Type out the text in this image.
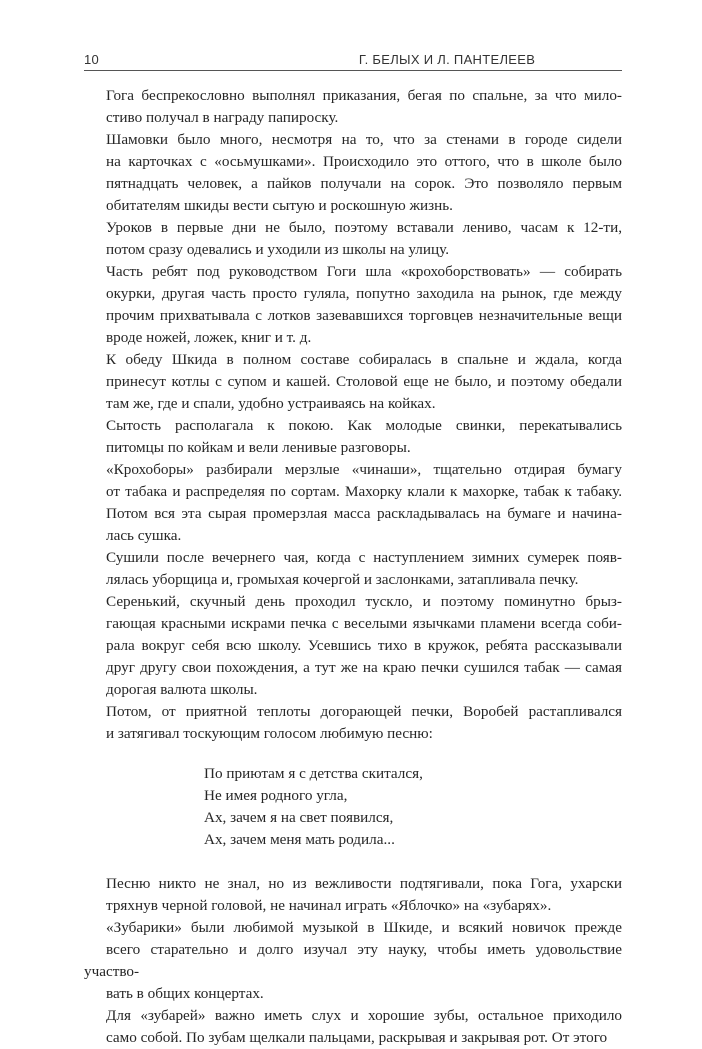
10	Г. БЕЛЫХ И Л. ПАНТЕЛЕЕВ

Гога беспрекословно выполнял приказания, бегая по спальне, за что мило-
стиво получал в награду папироску.

Шамовки было много, несмотря на то, что за стенами в городе сидели
на карточках с «осьмушками». Происходило это оттого, что в школе было
пятнадцать человек, а пайков получали на сорок. Это позволяло первым
обитателям шкиды вести сытую и роскошную жизнь.

Уроков в первые дни не было, поэтому вставали лениво, часам к 12-ти,
потом сразу одевались и уходили из школы на улицу.

Часть ребят под руководством Гоги шла «крохоборствовать» — собирать
окурки, другая часть просто гуляла, попутно заходила на рынок, где между
прочим прихватывала с лотков зазевавшихся торговцев незначительные вещи
вроде ножей, ложек, книг и т. д.

К обеду Шкида в полном составе собиралась в спальне и ждала, когда
принесут котлы с супом и кашей. Столовой еще не было, и поэтому обедали
там же, где и спали, удобно устраиваясь на койках.

Сытость располагала к покою. Как молодые свинки, перекатывались
питомцы по койкам и вели ленивые разговоры.

«Крохоборы» разбирали мерзлые «чинаши», тщательно отдирая бумагу
от табака и распределяя по сортам. Махорку клали к махорке, табак к табаку.
Потом вся эта сырая промерзлая масса раскладывалась на бумаге и начина-
лась сушка.

Сушили после вечернего чая, когда с наступлением зимних сумерек появ-
лялась уборщица и, громыхая кочергой и заслонками, затапливала печку.

Серенький, скучный день проходил тускло, и поэтому поминутно брыз-
гающая красными искрами печка с веселыми язычками пламени всегда соби-
рала вокруг себя всю школу. Усевшись тихо в кружок, ребята рассказывали
друг другу свои похождения, а тут же на краю печки сушился табак — самая
дорогая валюта школы.

Потом, от приятной теплоты догорающей печки, Воробей растапливался
и затягивал тоскующим голосом любимую песню:

По приютам я с детства скитался,
Не имея родного угла,
Ах, зачем я на свет появился,
Ах, зачем меня мать родила...

Песню никто не знал, но из вежливости подтягивали, пока Гога, ухарски
тряхнув черной головой, не начинал играть «Яблочко» на «зубарях».

«Зубарики» были любимой музыкой в Шкиде, и всякий новичок прежде
всего старательно и долго изучал эту науку, чтобы иметь удовольствие участво-
вать в общих концертах.

Для «зубарей» важно иметь слух и хорошие зубы, остальное приходило
само собой. По зубам щелкали пальцами, раскрывая и закрывая рот. От этого
